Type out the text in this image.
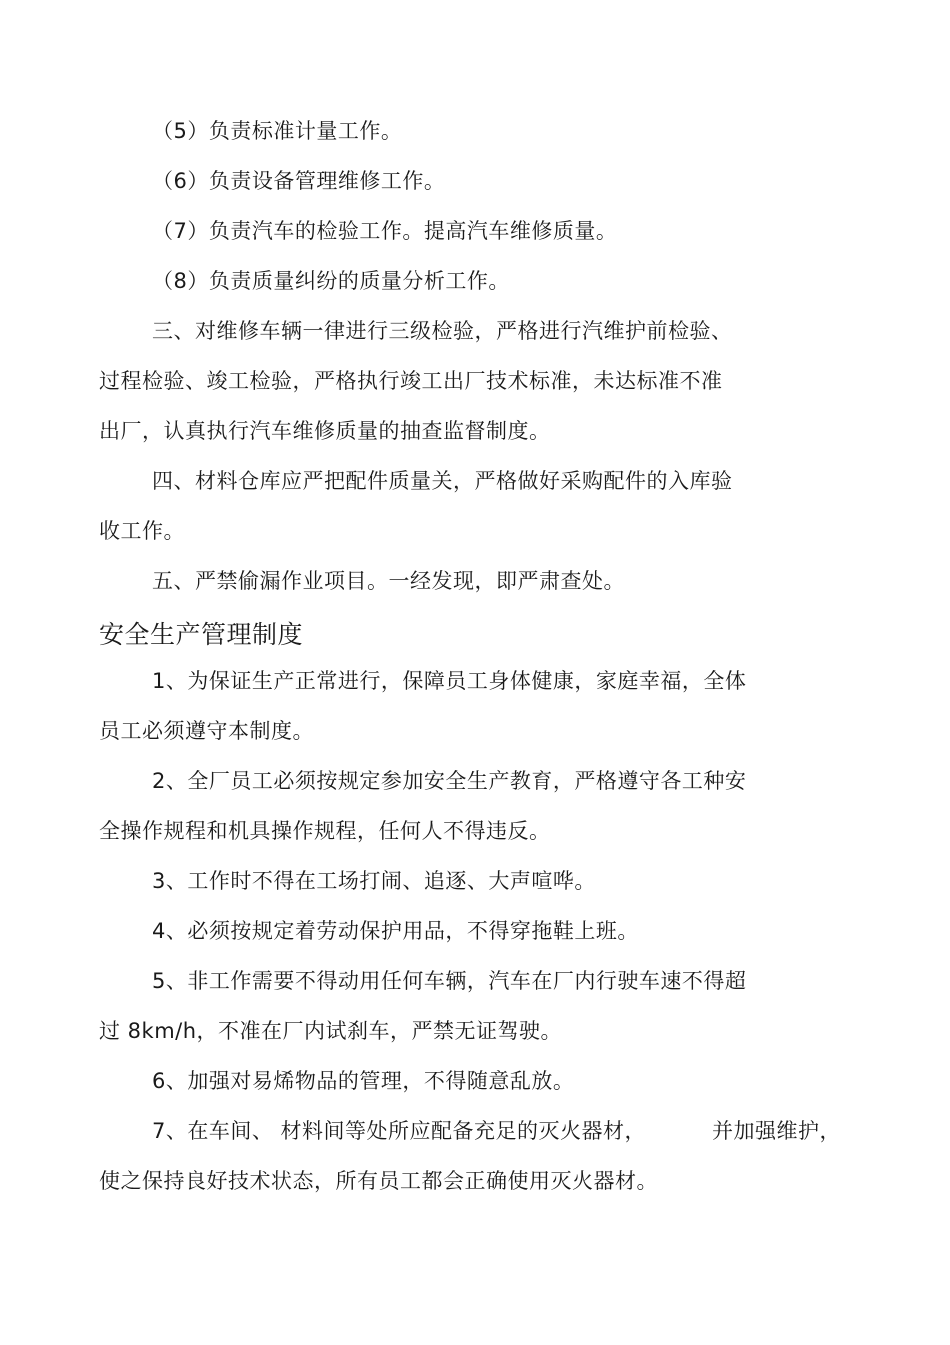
（5）负责标准计量工作。
（6）负责设备管理维修工作。
（7）负责汽车的检验工作。提高汽车维修质量。
（8）负责质量纠纷的质量分析工作。
三、对维修车辆一律进行三级检验，严格进行汽维护前检验、
过程检验、竣工检验，严格执行竣工出厂技术标准，未达标准不准
出厂，认真执行汽车维修质量的抽查监督制度。
四、材料仓库应严把配件质量关，严格做好采购配件的入库验
收工作。
五、严禁偷漏作业项目。一经发现，即严肃查处。
安全生产管理制度
1、为保证生产正常进行，保障员工身体健康，家庭幸福，全体
员工必须遵守本制度。
2、全厂员工必须按规定参加安全生产教育，严格遵守各工种安
全操作规程和机具操作规程，任何人不得违反。
3、工作时不得在工场打闹、追逐、大声喧哗。
4、必须按规定着劳动保护用品，不得穿拖鞋上班。
5、非工作需要不得动用任何车辆，汽车在厂内行驶车速不得超
过 8km/h，不准在厂内试刹车，严禁无证驾驶。
6、加强对易烯物品的管理，不得随意乱放。
7、在车间、 材料间等处所应配备充足的灭火器材，	并加强维护，
使之保持良好技术状态，所有员工都会正确使用灭火器材。
